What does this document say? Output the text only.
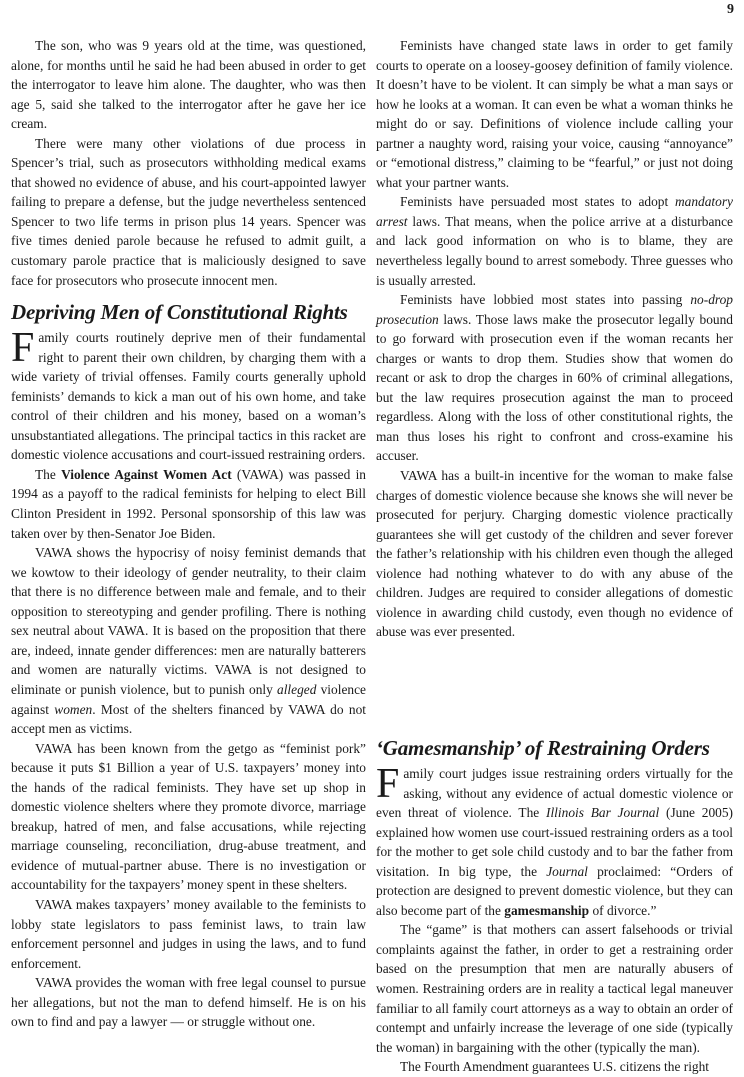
9

The son, who was 9 years old at the time, was questioned, alone, for months until he said he had been abused in order to get the interrogator to leave him alone. The daughter, who was then age 5, said she talked to the interrogator after he gave her ice cream.

There were many other violations of due process in Spencer’s trial, such as prosecutors withholding medical exams that showed no evidence of abuse, and his court-appointed lawyer failing to prepare a defense, but the judge nevertheless sentenced Spencer to two life terms in prison plus 14 years. Spencer was five times denied parole because he refused to admit guilt, a customary parole practice that is maliciously designed to save face for prosecutors who prosecute innocent men.

Depriving Men of Constitutional Rights

Family courts routinely deprive men of their fundamental right to parent their own children, by charging them with a wide variety of trivial offenses. Family courts generally uphold feminists’ demands to kick a man out of his own home, and take control of their children and his money, based on a woman’s unsubstantiated allegations. The principal tactics in this racket are domestic violence accusations and court-issued restraining orders.

The Violence Against Women Act (VAWA) was passed in 1994 as a payoff to the radical feminists for helping to elect Bill Clinton President in 1992. Personal sponsorship of this law was taken over by then-Senator Joe Biden.

VAWA shows the hypocrisy of noisy feminist demands that we kowtow to their ideology of gender neutrality, to their claim that there is no difference between male and female, and to their opposition to stereotyping and gender profiling. There is nothing sex neutral about VAWA. It is based on the proposition that there are, indeed, innate gender differences: men are naturally batterers and women are naturally victims. VAWA is not designed to eliminate or punish violence, but to punish only alleged violence against women. Most of the shelters financed by VAWA do not accept men as victims.

VAWA has been known from the getgo as “feminist pork” because it puts $1 Billion a year of U.S. taxpayers’ money into the hands of the radical feminists. They have set up shop in domestic violence shelters where they promote divorce, marriage breakup, hatred of men, and false accusations, while rejecting marriage counseling, reconciliation, drug-abuse treatment, and evidence of mutual-partner abuse. There is no investigation or accountability for the taxpayers’ money spent in these shelters.

VAWA makes taxpayers’ money available to the feminists to lobby state legislators to pass feminist laws, to train law enforcement personnel and judges in using the laws, and to fund enforcement.

VAWA provides the woman with free legal counsel to pursue her allegations, but not the man to defend himself. He is on his own to find and pay a lawyer — or struggle without one.

Feminists have changed state laws in order to get family courts to operate on a loosey-goosey definition of family violence. It doesn’t have to be violent. It can simply be what a man says or how he looks at a woman. It can even be what a woman thinks he might do or say. Definitions of violence include calling your partner a naughty word, raising your voice, causing “annoyance” or “emotional distress,” claiming to be “fearful,” or just not doing what your partner wants.

Feminists have persuaded most states to adopt mandatory arrest laws. That means, when the police arrive at a disturbance and lack good information on who is to blame, they are nevertheless legally bound to arrest somebody. Three guesses who is usually arrested.

Feminists have lobbied most states into passing no-drop prosecution laws. Those laws make the prosecutor legally bound to go forward with prosecution even if the woman recants her charges or wants to drop them. Studies show that women do recant or ask to drop the charges in 60% of criminal allegations, but the law requires prosecution against the man to proceed regardless. Along with the loss of other constitutional rights, the man thus loses his right to confront and cross-examine his accuser.

VAWA has a built-in incentive for the woman to make false charges of domestic violence because she knows she will never be prosecuted for perjury. Charging domestic violence practically guarantees she will get custody of the children and sever forever the father’s relationship with his children even though the alleged violence had nothing whatever to do with any abuse of the children. Judges are required to consider allegations of domestic violence in awarding child custody, even though no evidence of abuse was ever presented.

‘Gamesmanship’ of Restraining Orders

Family court judges issue restraining orders virtually for the asking, without any evidence of actual domestic violence or even threat of violence. The Illinois Bar Journal (June 2005) explained how women use court-issued restraining orders as a tool for the mother to get sole child custody and to bar the father from visitation. In big type, the Journal proclaimed: “Orders of protection are designed to prevent domestic violence, but they can also become part of the gamesmanship of divorce.”

The “game” is that mothers can assert falsehoods or trivial complaints against the father, in order to get a restraining order based on the presumption that men are naturally abusers of women. Restraining orders are in reality a tactical legal maneuver familiar to all family court attorneys as a way to obtain an order of contempt and unfairly increase the leverage of one side (typically the woman) in bargaining with the other (typically the man).

The Fourth Amendment guarantees U.S. citizens the right
